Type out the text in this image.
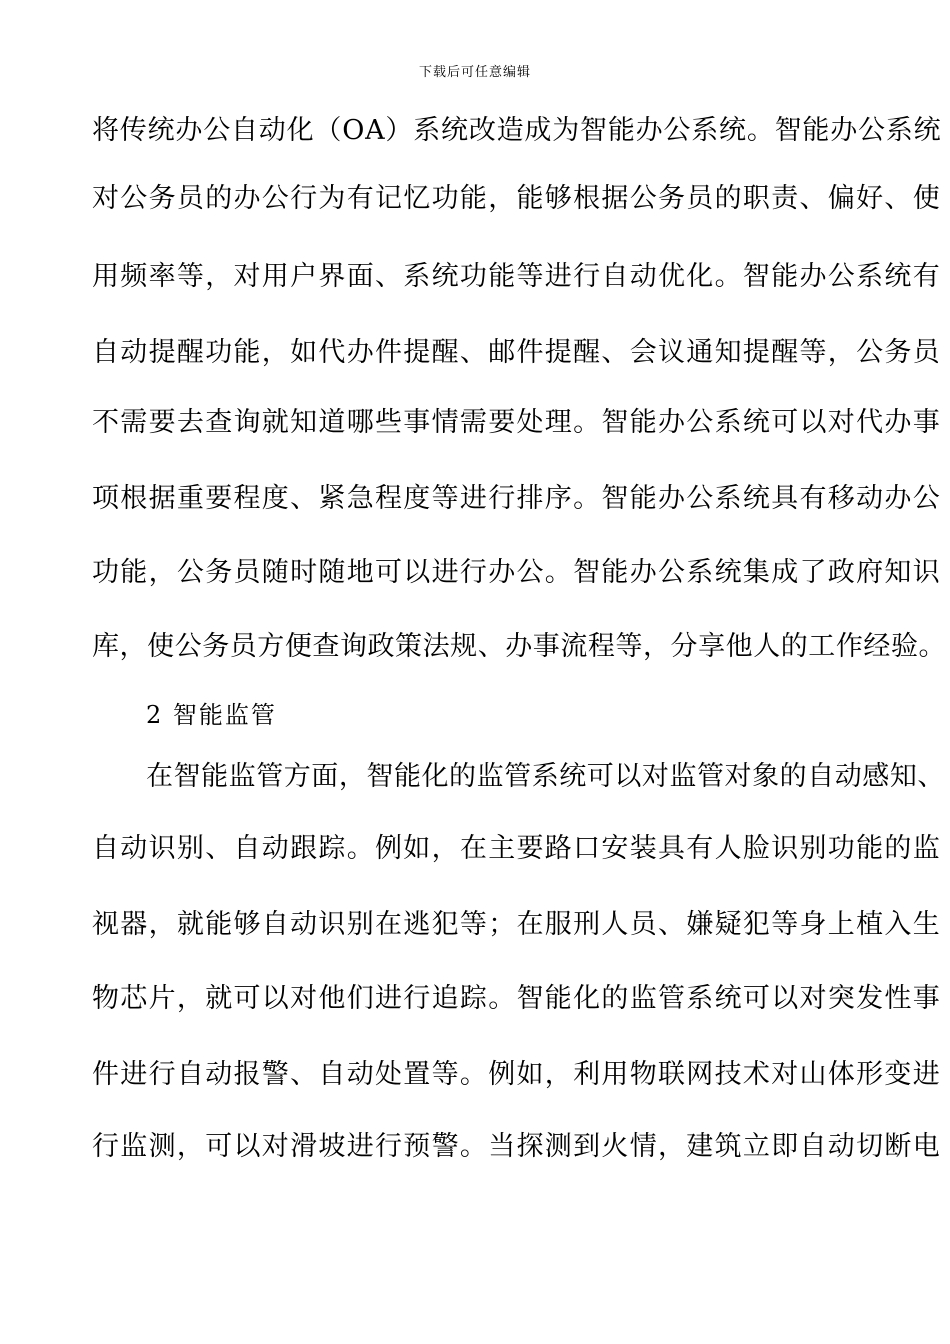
下载后可任意编辑
将传统办公自动化（OA）系统改造成为智能办公系统。智能办公系统
对公务员的办公行为有记忆功能，能够根据公务员的职责、偏好、使
用频率等，对用户界面、系统功能等进行自动优化。智能办公系统有
自动提醒功能，如代办件提醒、邮件提醒、会议通知提醒等，公务员
不需要去查询就知道哪些事情需要处理。智能办公系统可以对代办事
项根据重要程度、紧急程度等进行排序。智能办公系统具有移动办公
功能，公务员随时随地可以进行办公。智能办公系统集成了政府知识
库，使公务员方便查询政策法规、办事流程等，分享他人的工作经验。
2 智能监管
在智能监管方面，智能化的监管系统可以对监管对象的自动感知、
自动识别、自动跟踪。例如，在主要路口安装具有人脸识别功能的监
视器，就能够自动识别在逃犯等；在服刑人员、嫌疑犯等身上植入生
物芯片，就可以对他们进行追踪。智能化的监管系统可以对突发性事
件进行自动报警、自动处置等。例如，利用物联网技术对山体形变进
行监测，可以对滑坡进行预警。当探测到火情，建筑立即自动切断电
